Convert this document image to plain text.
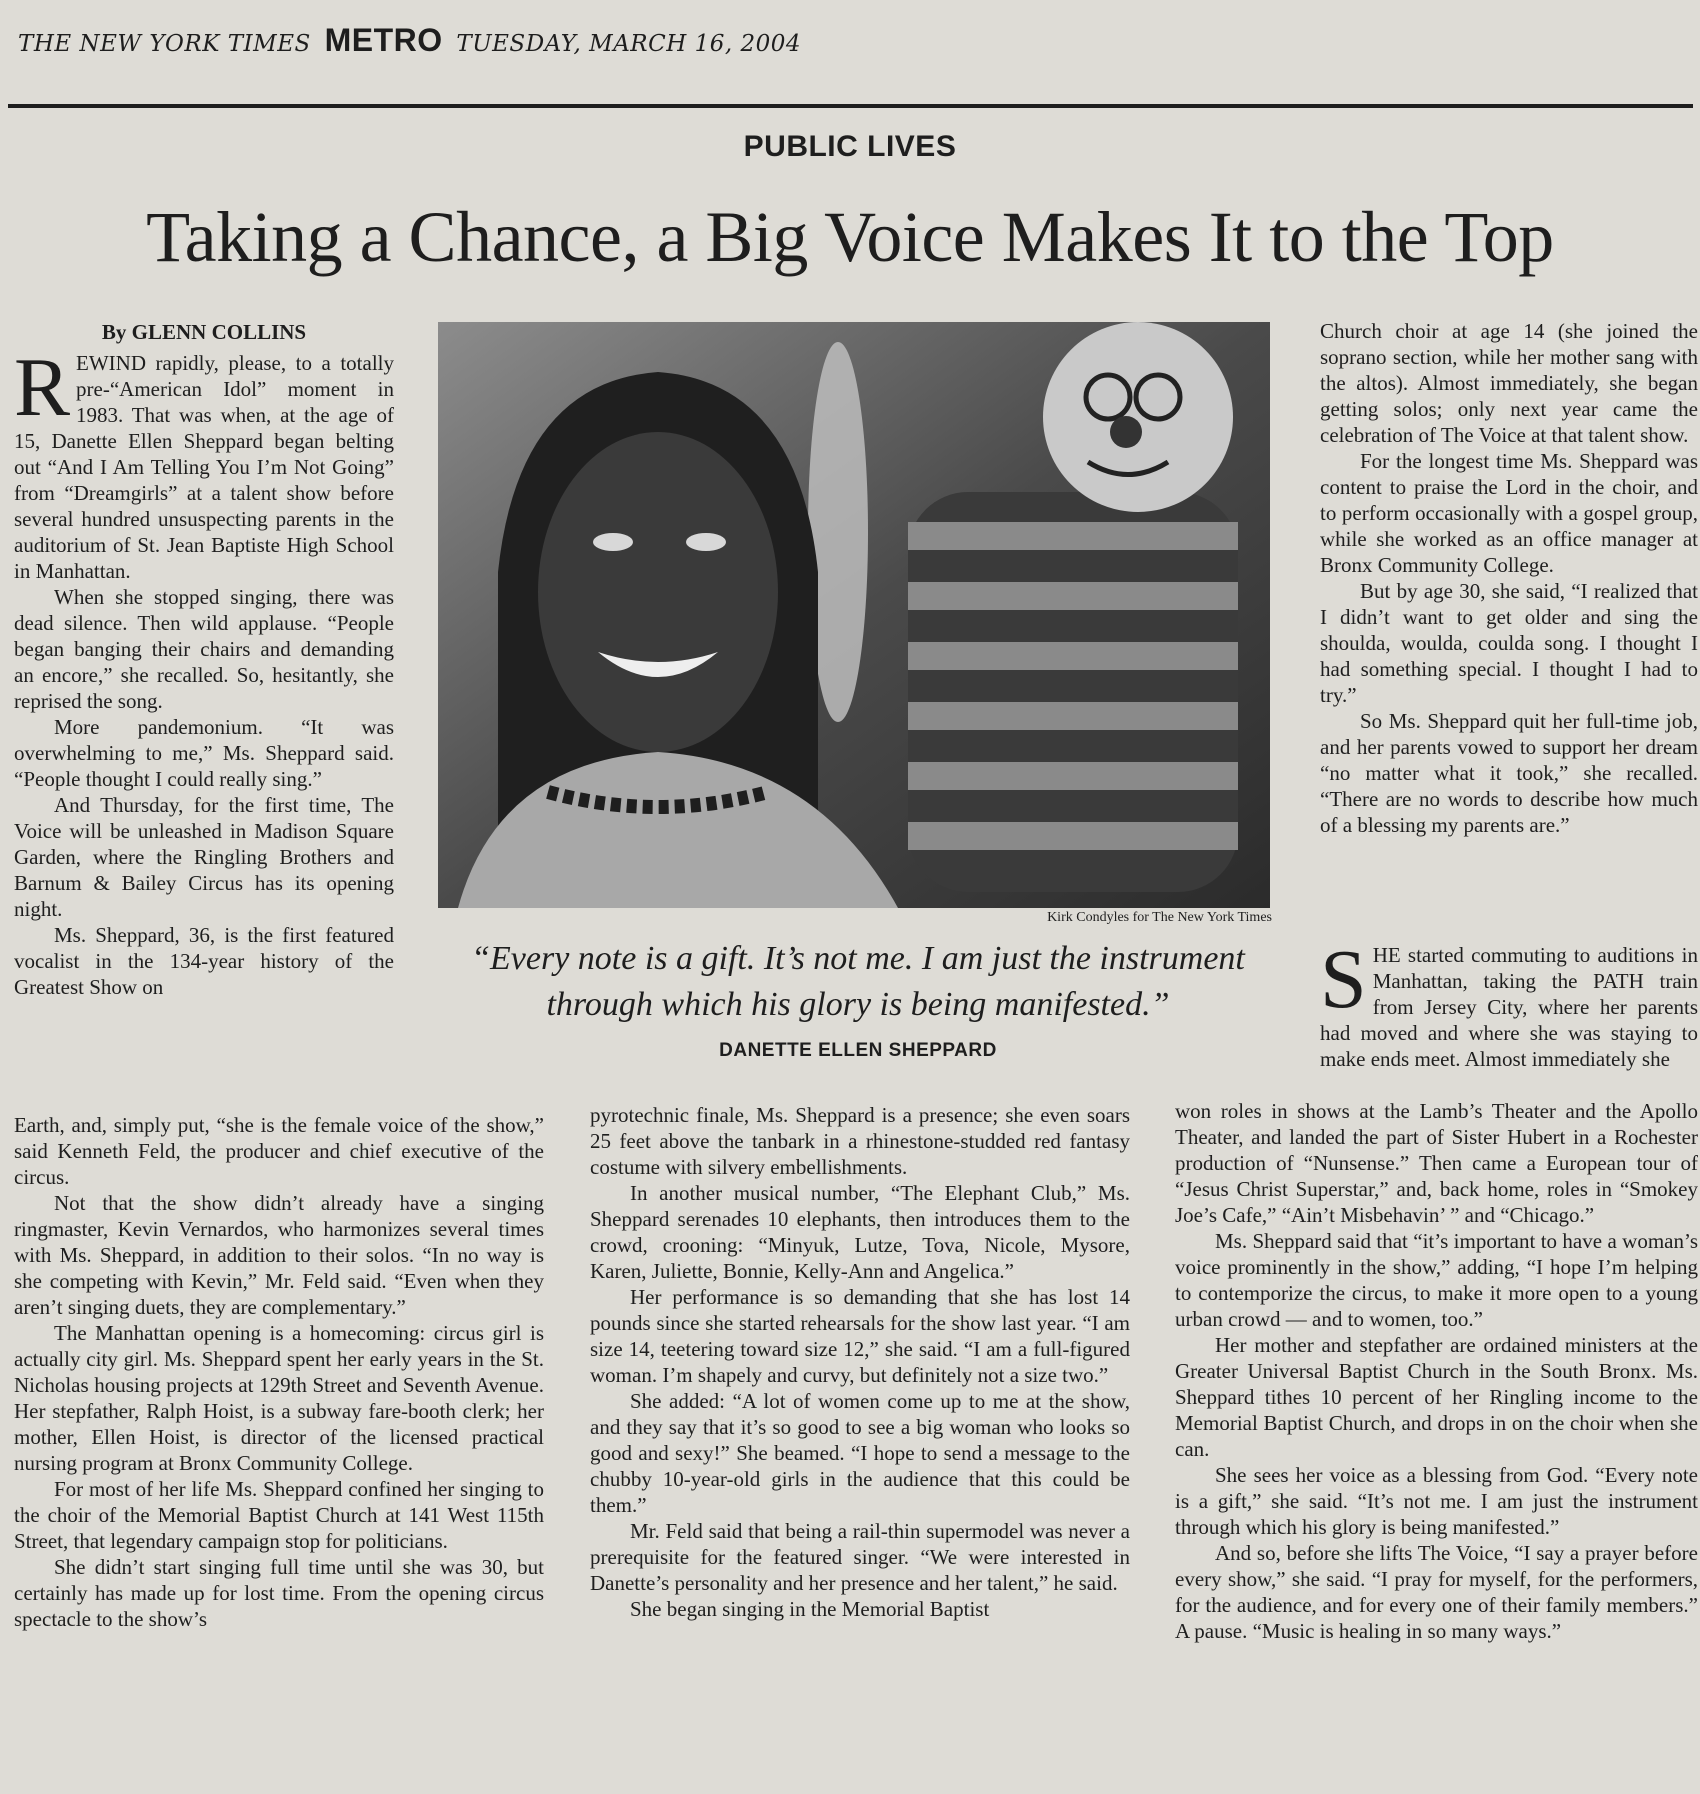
THE NEW YORK TIMES METRO TUESDAY, MARCH 16, 2004
PUBLIC LIVES
Taking a Chance, a Big Voice Makes It to the Top
By GLENN COLLINS

REWIND rapidly, please, to a totally pre-“American Idol” moment in 1983. That was when, at the age of 15, Danette Ellen Sheppard began belting out “And I Am Telling You I’m Not Going” from “Dreamgirls” at a talent show before several hundred unsuspecting parents in the auditorium of St. Jean Baptiste High School in Manhattan.

When she stopped singing, there was dead silence. Then wild applause. “People began banging their chairs and demanding an encore,” she recalled. So, hesitantly, she reprised the song.

More pandemonium. “It was overwhelming to me,” Ms. Sheppard said. “People thought I could really sing.”

And Thursday, for the first time, The Voice will be unleashed in Madison Square Garden, where the Ringling Brothers and Barnum & Bailey Circus has its opening night.

Ms. Sheppard, 36, is the first featured vocalist in the 134-year history of the Greatest Show on

Kirk Condyles for The New York Times
“Every note is a gift. It’s not me. I am just the instrument through which his glory is being manifested.”
DANETTE ELLEN SHEPPARD

Earth, and, simply put, “she is the female voice of the show,” said Kenneth Feld, the producer and chief executive of the circus.

Not that the show didn’t already have a singing ringmaster, Kevin Vernardos, who harmonizes several times with Ms. Sheppard, in addition to their solos. “In no way is she competing with Kevin,” Mr. Feld said. “Even when they aren’t singing duets, they are complementary.”

The Manhattan opening is a homecoming: circus girl is actually city girl. Ms. Sheppard spent her early years in the St. Nicholas housing projects at 129th Street and Seventh Avenue. Her stepfather, Ralph Hoist, is a subway fare-booth clerk; her mother, Ellen Hoist, is director of the licensed practical nursing program at Bronx Community College.

For most of her life Ms. Sheppard confined her singing to the choir of the Memorial Baptist Church at 141 West 115th Street, that legendary campaign stop for politicians.

She didn’t start singing full time until she was 30, but certainly has made up for lost time. From the opening circus spectacle to the show’s

pyrotechnic finale, Ms. Sheppard is a presence; she even soars 25 feet above the tanbark in a rhinestone-studded red fantasy costume with silvery embellishments.

In another musical number, “The Elephant Club,” Ms. Sheppard serenades 10 elephants, then introduces them to the crowd, crooning: “Minyuk, Lutze, Tova, Nicole, Mysore, Karen, Juliette, Bonnie, Kelly-Ann and Angelica.”

Her performance is so demanding that she has lost 14 pounds since she started rehearsals for the show last year. “I am size 14, teetering toward size 12,” she said. “I am a full-figured woman. I’m shapely and curvy, but definitely not a size two.”

She added: “A lot of women come up to me at the show, and they say that it’s so good to see a big woman who looks so good and sexy!” She beamed. “I hope to send a message to the chubby 10-year-old girls in the audience that this could be them.”

Mr. Feld said that being a rail-thin supermodel was never a prerequisite for the featured singer. “We were interested in Danette’s personality and her presence and her talent,” he said.

She began singing in the Memorial Baptist

Church choir at age 14 (she joined the soprano section, while her mother sang with the altos). Almost immediately, she began getting solos; only next year came the celebration of The Voice at that talent show.

For the longest time Ms. Sheppard was content to praise the Lord in the choir, and to perform occasionally with a gospel group, while she worked as an office manager at Bronx Community College.

But by age 30, she said, “I realized that I didn’t want to get older and sing the shoulda, woulda, coulda song. I thought I had something special. I thought I had to try.”

So Ms. Sheppard quit her full-time job, and her parents vowed to support her dream “no matter what it took,” she recalled. “There are no words to describe how much of a blessing my parents are.”

SHE started commuting to auditions in Manhattan, taking the PATH train from Jersey City, where her parents had moved and where she was staying to make ends meet. Almost immediately she

won roles in shows at the Lamb’s Theater and the Apollo Theater, and landed the part of Sister Hubert in a Rochester production of “Nunsense.” Then came a European tour of “Jesus Christ Superstar,” and, back home, roles in “Smokey Joe’s Cafe,” “Ain’t Misbehavin’ ” and “Chicago.”

Ms. Sheppard said that “it’s important to have a woman’s voice prominently in the show,” adding, “I hope I’m helping to contemporize the circus, to make it more open to a young urban crowd — and to women, too.”

Her mother and stepfather are ordained ministers at the Greater Universal Baptist Church in the South Bronx. Ms. Sheppard tithes 10 percent of her Ringling income to the Memorial Baptist Church, and drops in on the choir when she can.

She sees her voice as a blessing from God. “Every note is a gift,” she said. “It’s not me. I am just the instrument through which his glory is being manifested.”

And so, before she lifts The Voice, “I say a prayer before every show,” she said. “I pray for myself, for the performers, for the audience, and for every one of their family members.” A pause. “Music is healing in so many ways.”
